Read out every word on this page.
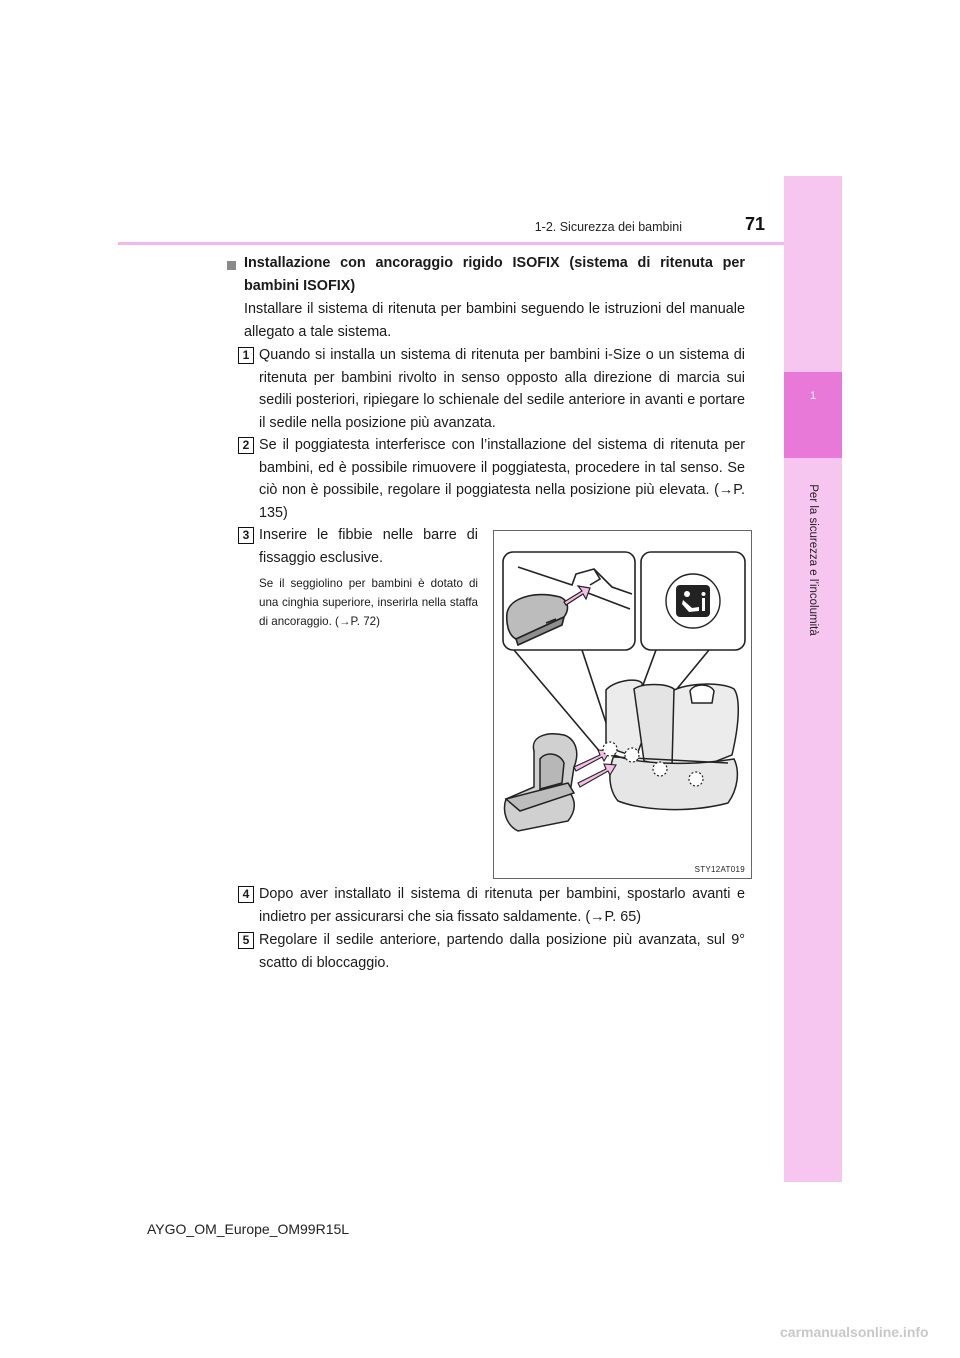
1
Per la sicurezza e l’incolumità
1-2. Sicurezza dei bambini	71
Installazione con ancoraggio rigido ISOFIX (sistema di ritenuta per bambini ISOFIX)
Installare il sistema di ritenuta per bambini seguendo le istruzioni del manuale allegato a tale sistema.
1 Quando si installa un sistema di ritenuta per bambini i-Size o un sistema di ritenuta per bambini rivolto in senso opposto alla direzione di marcia sui sedili posteriori, ripiegare lo schienale del sedile anteriore in avanti e portare il sedile nella posizione più avanzata.
2 Se il poggiatesta interferisce con l’installazione del sistema di ritenuta per bambini, ed è possibile rimuovere il poggiatesta, procedere in tal senso. Se ciò non è possibile, regolare il poggiatesta nella posizione più elevata. (→P. 135)
3 Inserire le fibbie nelle barre di fissaggio esclusive.
Se il seggiolino per bambini è dotato di una cinghia superiore, inserirla nella staffa di ancoraggio. (→P. 72)
STY12AT019
4 Dopo aver installato il sistema di ritenuta per bambini, spostarlo avanti e indietro per assicurarsi che sia fissato saldamente. (→P. 65)
5 Regolare il sedile anteriore, partendo dalla posizione più avanzata, sul 9° scatto di bloccaggio.
AYGO_OM_Europe_OM99R15L
carmanualsonline.info
